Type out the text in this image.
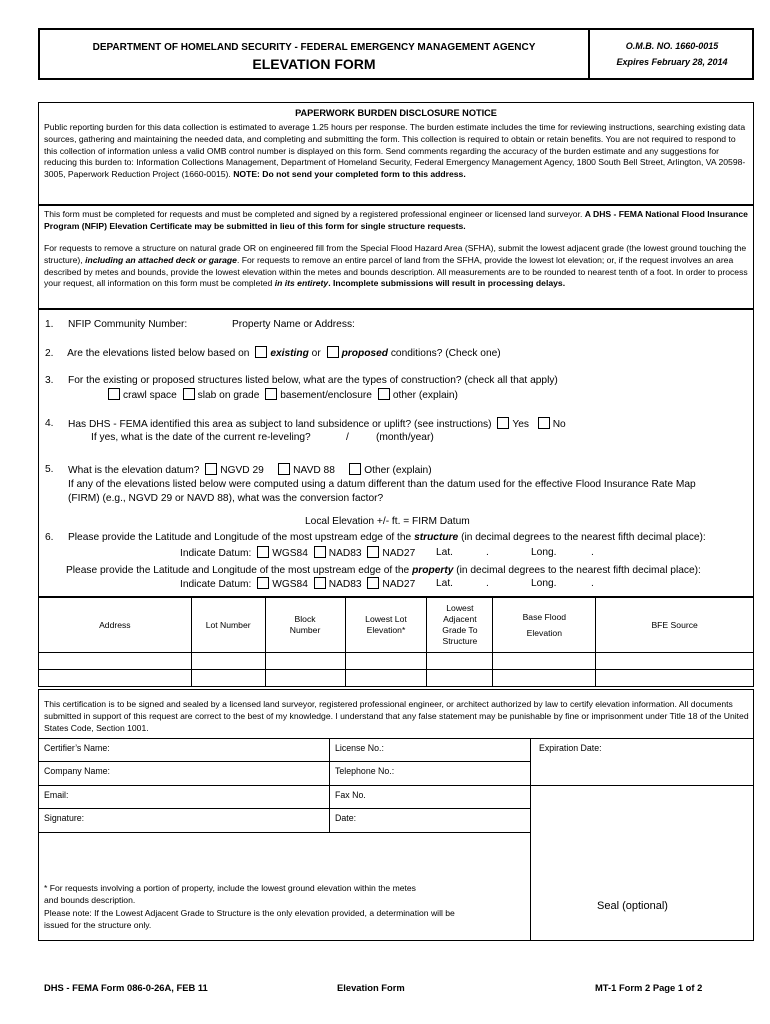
DEPARTMENT OF HOMELAND SECURITY - FEDERAL EMERGENCY MANAGEMENT AGENCY
ELEVATION FORM
O.M.B. NO. 1660-0015
Expires February 28, 2014
PAPERWORK BURDEN DISCLOSURE NOTICE
Public reporting burden for this data collection is estimated to average 1.25 hours per response. The burden estimate includes the time for reviewing instructions, searching existing data sources, gathering and maintaining the needed data, and completing and submitting the form. This collection is required to obtain or retain benefits. You are not required to respond to this collection of information unless a valid OMB control number is displayed on this form. Send comments regarding the accuracy of the burden estimate and any suggestions for reducing this burden to: Information Collections Management, Department of Homeland Security, Federal Emergency Management Agency, 1800 South Bell Street, Arlington, VA 20598-3005, Paperwork Reduction Project (1660-0015). NOTE: Do not send your completed form to this address.
This form must be completed for requests and must be completed and signed by a registered professional engineer or licensed land surveyor. A DHS - FEMA National Flood Insurance Program (NFIP) Elevation Certificate may be submitted in lieu of this form for single structure requests.
For requests to remove a structure on natural grade OR on engineered fill from the Special Flood Hazard Area (SFHA), submit the lowest adjacent grade (the lowest ground touching the structure), including an attached deck or garage. For requests to remove an entire parcel of land from the SFHA, provide the lowest lot elevation; or, if the request involves an area described by metes and bounds, provide the lowest elevation within the metes and bounds description. All measurements are to be rounded to nearest tenth of a foot. In order to process your request, all information on this form must be completed in its entirety. Incomplete submissions will result in processing delays.
1. NFIP Community Number:	Property Name or Address:
2. Are the elevations listed below based on existing or proposed conditions? (Check one)
3. For the existing or proposed structures listed below, what are the types of construction? (check all that apply)
crawl space slab on grade basement/enclosure other (explain)
4. Has DHS - FEMA identified this area as subject to land subsidence or uplift? (see instructions) Yes No
If yes, what is the date of the current re-leveling?	/	(month/year)
5. What is the elevation datum? NGVD 29	NAVD 88	Other (explain)
If any of the elevations listed below were computed using a datum different than the datum used for the effective Flood Insurance Rate Map
(FIRM) (e.g., NGVD 29 or NAVD 88), what was the conversion factor?
Local Elevation +/- ft. = FIRM Datum
6. Please provide the Latitude and Longitude of the most upstream edge of the structure (in decimal degrees to the nearest fifth decimal place):
Indicate Datum: WGS84 NAD83 NAD27 Lat.	.	Long.	.
Please provide the Latitude and Longitude of the most upstream edge of the property (in decimal degrees to the nearest fifth decimal place):
Indicate Datum: WGS84 NAD83 NAD27 Lat.	.	Long.	.
Address	Lot Number	Block Number	Lowest Lot Elevation*	Lowest Adjacent Grade To Structure	Base Flood Elevation	BFE Source

This certification is to be signed and sealed by a licensed land surveyor, registered professional engineer, or architect authorized by law to certify elevation information. All documents submitted in support of this request are correct to the best of my knowledge. I understand that any false statement may be punishable by fine or imprisonment under Title 18 of the United States Code, Section 1001.
Certifier’s Name:	License No.:	Expiration Date:
Company Name:	Telephone No.:
Email:	Fax No.
Signature:	Date:
* For requests involving a portion of property, include the lowest ground elevation within the metes and bounds description.
Please note: If the Lowest Adjacent Grade to Structure is the only elevation provided, a determination will be issued for the structure only.
Seal (optional)
DHS - FEMA Form 086-0-26A, FEB 11	Elevation Form	MT-1 Form 2 Page 1 of 2
